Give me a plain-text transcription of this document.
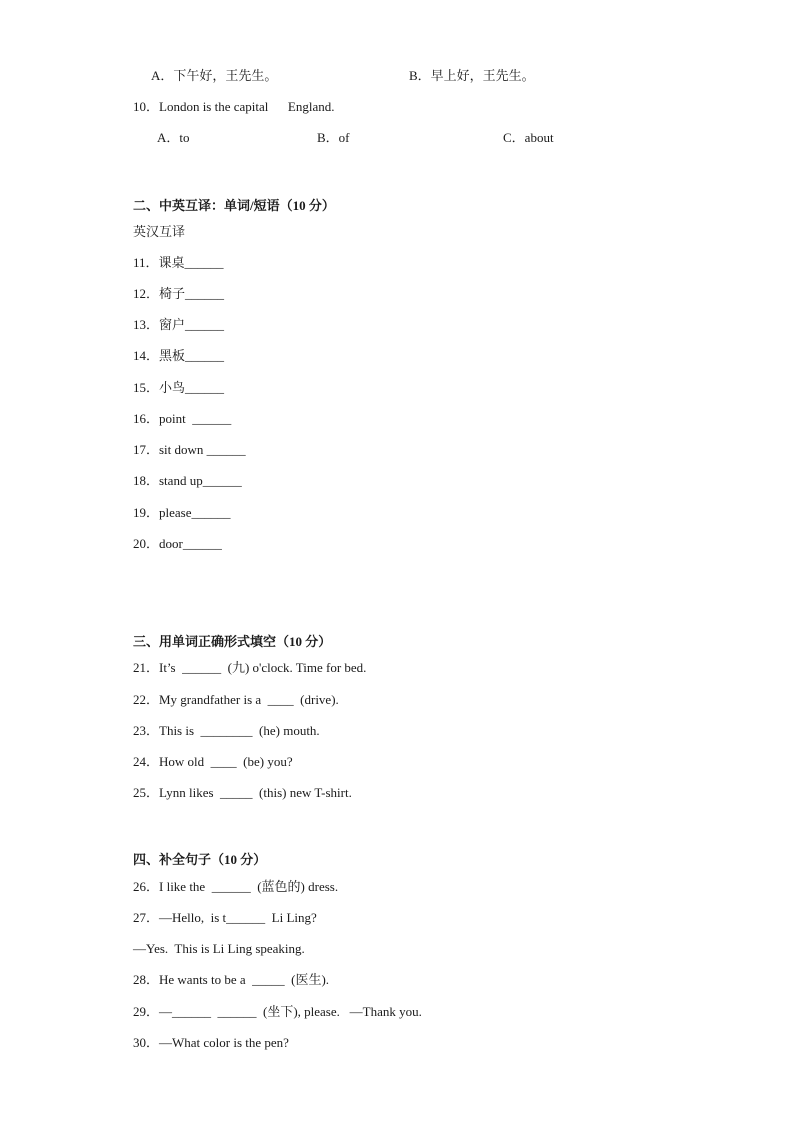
A．下午好，王先生。	B．早上好，王先生。
10．London is the capital      England.
A．to	B．of	C．about
二、中英互译：单词/短语（10 分）
英汉互译
11．课桌______
12．椅子______
13．窗户______
14．黑板______
15．小鸟______
16．point  ______
17．sit down ______
18．stand up______
19．please______
20．door______
三、用单词正确形式填空（10 分）
21．It’s  ______  (九) o'clock. Time for bed.
22．My grandfather is a  ____  (drive).
23．This is  ________  (he) mouth.
24．How old  ____  (be) you?
25．Lynn likes  _____  (this) new T-shirt.
四、补全句子（10 分）
26．I like the  ______  (蓝色的) dress.
27．—Hello,  is t______  Li Ling?
—Yes.  This is Li Ling speaking.
28．He wants to be a  _____  (医生).
29．—______  ______  (坐下), please.   —Thank you.
30．—What color is the pen?
